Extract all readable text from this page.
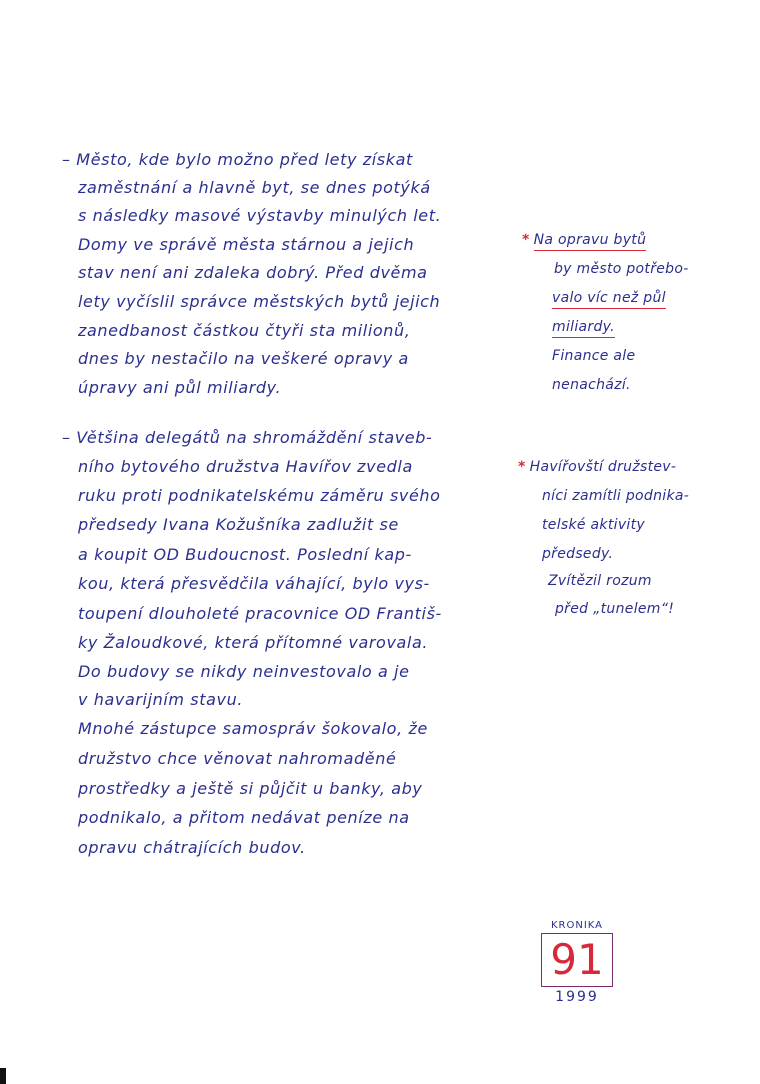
– Město, kde bylo možno před lety získat
zaměstnání a hlavně byt, se dnes potýká
s následky masové výstavby minulých let.
Domy ve správě města stárnou a jejich
stav není ani zdaleka dobrý. Před dvěma
lety vyčíslil správce městských bytů jejich
zanedbanost částkou čtyři sta milionů,
dnes by nestačilo na veškeré opravy a
úpravy ani půl miliardy.
* Na opravu bytů
by město potřebo-
valo víc než půl
miliardy.
Finance ale
nenachází.
– Většina delegátů na shromáždění staveb-
ního bytového družstva Havířov zvedla
ruku proti podnikatelskému záměru svého
předsedy Ivana Kožušníka zadlužit se
a koupit OD Budoucnost. Poslední kap-
kou, která přesvědčila váhající, bylo vys-
toupení dlouholeté pracovnice OD Františ-
ky Žaloudkové, která přítomné varovala.
Do budovy se nikdy neinvestovalo a je
v havarijním stavu.
Mnohé zástupce samospráv šokovalo, že
družstvo chce věnovat nahromaděné
prostředky a ještě si půjčit u banky, aby
podnikalo, a přitom nedávat peníze na
opravu chátrajících budov.
* Havířovští družstev-
níci zamítli podnika-
telské aktivity
předsedy.
Zvítězil rozum
před „tunelem“!
KRONIKA
91
1999
